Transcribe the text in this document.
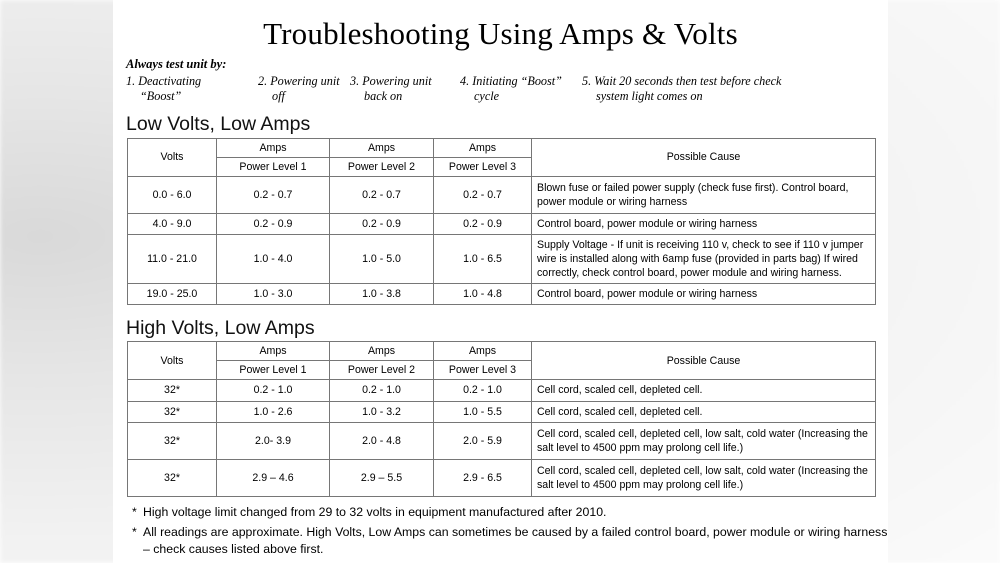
Troubleshooting Using Amps & Volts
Always test unit by:
1. Deactivating
“Boost”
2. Powering unit
off
3. Powering unit
back on
4. Initiating “Boost”
cycle
5. Wait 20 seconds then test before check
system light comes on
Low Volts, Low Amps
Volts	Amps	Amps	Amps	Possible Cause
	Power Level 1	Power Level 2	Power Level 3	
0.0 - 6.0	0.2 - 0.7	0.2 - 0.7	0.2 - 0.7	Blown fuse or failed power supply (check fuse first). Control board, power module or wiring harness
4.0 - 9.0	0.2 - 0.9	0.2 - 0.9	0.2 - 0.9	Control board, power module or wiring harness
11.0 - 21.0	1.0 - 4.0	1.0 - 5.0	1.0 - 6.5	Supply Voltage - If unit is receiving 110 v, check to see if 110 v jumper wire is installed along with 6amp fuse (provided in parts bag) If wired correctly, check control board, power module and wiring harness.
19.0 - 25.0	1.0 - 3.0	1.0 - 3.8	1.0 - 4.8	Control board, power module or wiring harness
High Volts, Low Amps
Volts	Amps	Amps	Amps	Possible Cause
	Power Level 1	Power Level 2	Power Level 3	
32*	0.2 - 1.0	0.2 - 1.0	0.2 - 1.0	Cell cord, scaled cell, depleted cell.
32*	1.0 - 2.6	1.0 - 3.2	1.0 - 5.5	Cell cord, scaled cell, depleted cell.
32*	2.0- 3.9	2.0 - 4.8	2.0 - 5.9	Cell cord, scaled cell, depleted cell, low salt, cold water (Increasing the salt level to 4500 ppm may prolong cell life.)
32*	2.9 – 4.6	2.9 – 5.5	2.9 - 6.5	Cell cord, scaled cell, depleted cell, low salt, cold water (Increasing the salt level to 4500 ppm may prolong cell life.)
* High voltage limit changed from 29 to 32 volts in equipment manufactured after 2010.
* All readings are approximate. High Volts, Low Amps can sometimes be caused by a failed control board, power module or wiring harness – check causes listed above first.
